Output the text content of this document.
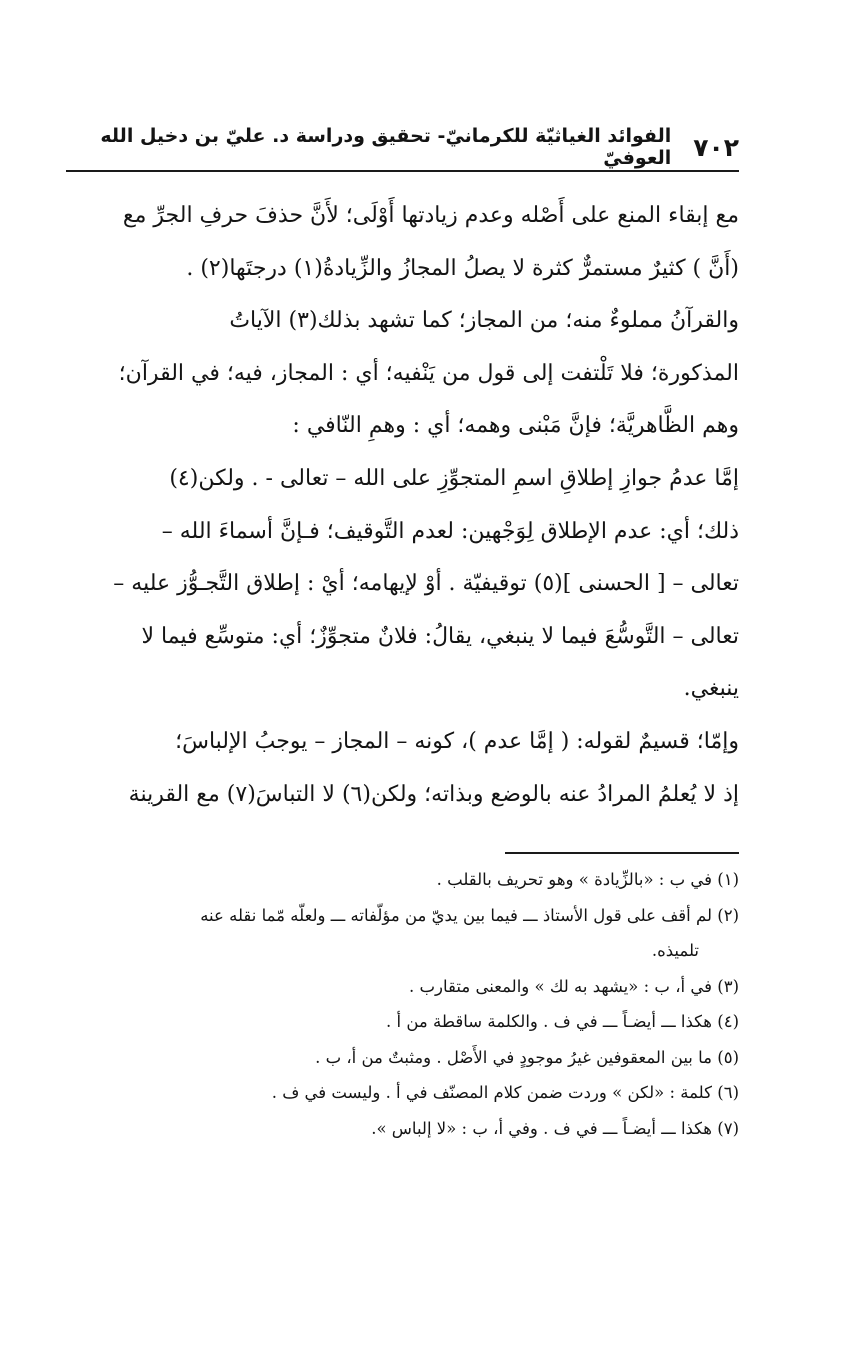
٧٠٢
الفوائد الغياثيّة للكرمانيّ- تحقيق ودراسة د. عليّ بن دخيل الله العوفيّ
مع إبقاء المنع على أَصْله وعدم زيادتها أَوْلَى؛ لأَنَّ حذفَ حرفِ الجرِّ مع
(أَنَّ ) كثيرٌ مستمرٌّ كثرة لا يصلُ المجازُ والزِّيادةُ(١) درجتَها(٢) .
والقرآنُ مملوءٌ منه؛ من المجاز؛ كما تشهد بذلك(٣) الآياتُ
المذكورة؛ فلا تَلْتفت إلى قول من يَنْفيه؛ أي : المجاز، فيه؛ في القرآن؛
وهم الظَّاهريَّة؛ فإنَّ مَبْنى وهمه؛ أي : وهمِ النّافي :
إمَّا عدمُ جوازِ إطلاقِ اسمِ المتجوِّزِ على الله – تعالى - . ولكن(٤)
ذلك؛ أي: عدم الإطلاق لِوَجْهين: لعدم التَّوقيف؛ فـإنَّ أسماءَ الله –
تعالى – [ الحسنى ](٥) توقيفيّة . أوْ لإيهامه؛ أيْ : إطلاق التَّجـوُّز عليه –
تعالى – التَّوسُّعَ فيما لا ينبغي، يقالُ: فلانٌ متجوِّزٌ؛ أي: متوسِّع فيما لا
ينبغي.
وإمّا؛ قسيمٌ لقوله: ( إمَّا عدم )، كونه – المجاز – يوجبُ الإلباسَ؛
إذ لا يُعلمُ المرادُ عنه بالوضع وبذاته؛ ولكن(٦) لا التباسَ(٧) مع القرينة
(١) في ب : «بالزِّيادة » وهو تحريف بالقلب .
(٢) لم أقف على قول الأستاذ ـــ فيما بين يديّ من مؤلّفاته ـــ ولعلّه مّما نقله عنه
تلميذه.
(٣) في أ، ب : «يشهد به لك » والمعنى متقارب .
(٤) هكذا ـــ أيضـاً ـــ في ف . والكلمة ساقطة من أ .
(٥) ما بين المعقوفين غيرُ موجودٍ في الأَصْل . ومثبتٌ من أ، ب .
(٦) كلمة : «لكن » وردت ضمن كلام المصنّف في أ . وليست في ف .
(٧) هكذا ـــ أيضـاً ـــ في ف . وفي أ، ب : «لا إلباس ».
